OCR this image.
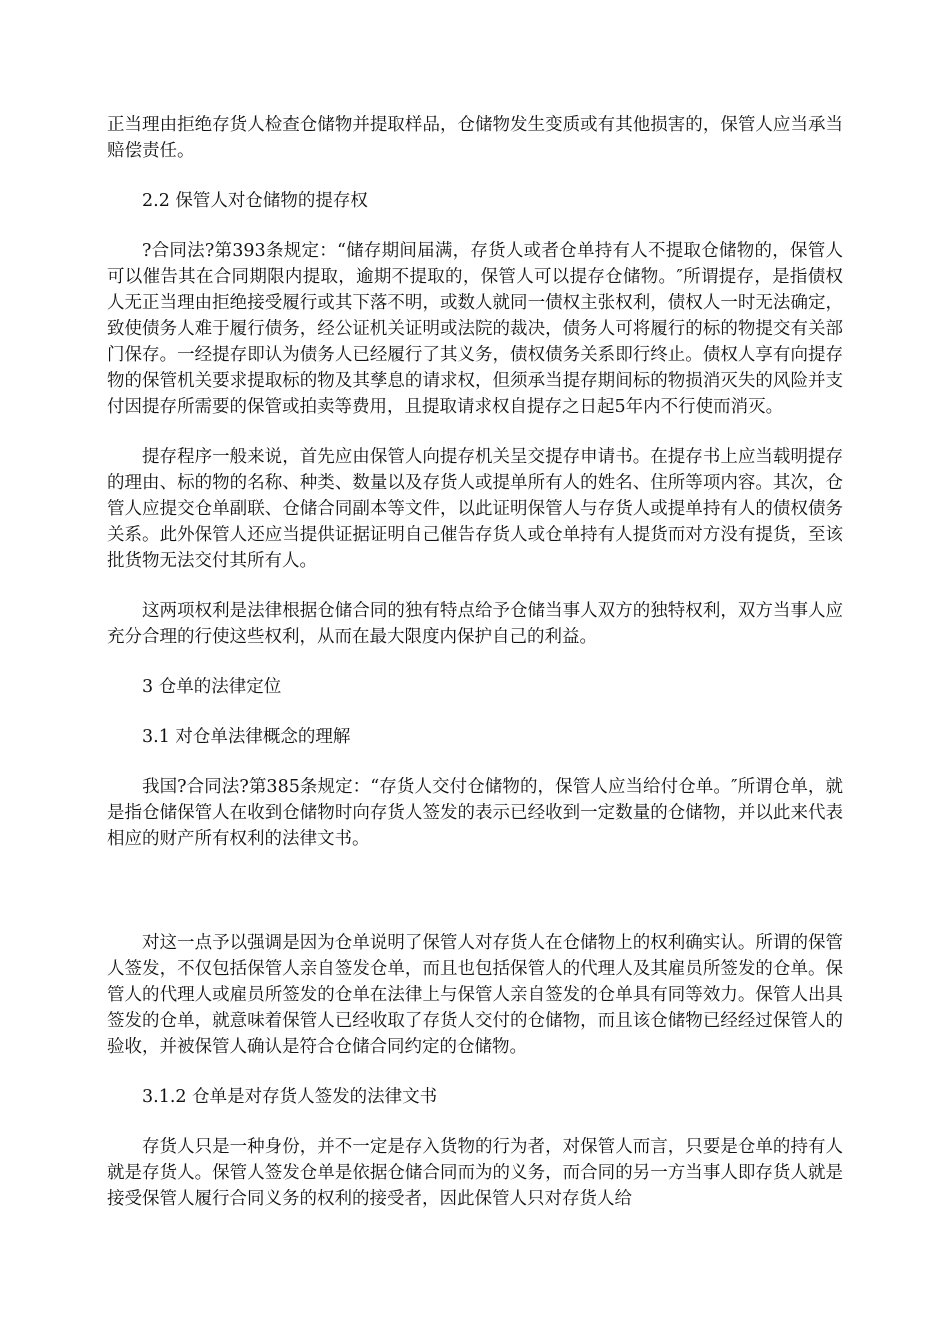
正当理由拒绝存货人检查仓储物并提取样品，仓储物发生变质或有其他损害的，保管人应当承当赔偿责任。

2.2 保管人对仓储物的提存权

?合同法?第393条规定：“储存期间届满，存货人或者仓单持有人不提取仓储物的，保管人可以催告其在合同期限内提取，逾期不提取的，保管人可以提存仓储物。″所谓提存，是指债权人无正当理由拒绝接受履行或其下落不明，或数人就同一债权主张权利，债权人一时无法确定，致使债务人难于履行债务，经公证机关证明或法院的裁决，债务人可将履行的标的物提交有关部门保存。一经提存即认为债务人已经履行了其义务，债权债务关系即行终止。债权人享有向提存物的保管机关要求提取标的物及其孳息的请求权，但须承当提存期间标的物损消灭失的风险并支付因提存所需要的保管或拍卖等费用，且提取请求权自提存之日起5年内不行使而消灭。

提存程序一般来说，首先应由保管人向提存机关呈交提存申请书。在提存书上应当载明提存的理由、标的物的名称、种类、数量以及存货人或提单所有人的姓名、住所等项内容。其次，仓管人应提交仓单副联、仓储合同副本等文件，以此证明保管人与存货人或提单持有人的债权债务关系。此外保管人还应当提供证据证明自己催告存货人或仓单持有人提货而对方没有提货，至该批货物无法交付其所有人。

这两项权利是法律根据仓储合同的独有特点给予仓储当事人双方的独特权利，双方当事人应充分合理的行使这些权利，从而在最大限度内保护自己的利益。

3 仓单的法律定位

3.1 对仓单法律概念的理解

我国?合同法?第385条规定：“存货人交付仓储物的，保管人应当给付仓单。″所谓仓单，就是指仓储保管人在收到仓储物时向存货人签发的表示已经收到一定数量的仓储物，并以此来代表相应的财产所有权利的法律文书。

对这一点予以强调是因为仓单说明了保管人对存货人在仓储物上的权利确实认。所谓的保管人签发，不仅包括保管人亲自签发仓单，而且也包括保管人的代理人及其雇员所签发的仓单。保管人的代理人或雇员所签发的仓单在法律上与保管人亲自签发的仓单具有同等效力。保管人出具签发的仓单，就意味着保管人已经收取了存货人交付的仓储物，而且该仓储物已经经过保管人的验收，并被保管人确认是符合仓储合同约定的仓储物。

3.1.2 仓单是对存货人签发的法律文书

存货人只是一种身份，并不一定是存入货物的行为者，对保管人而言，只要是仓单的持有人就是存货人。保管人签发仓单是依据仓储合同而为的义务，而合同的另一方当事人即存货人就是接受保管人履行合同义务的权利的接受者，因此保管人只对存货人给
